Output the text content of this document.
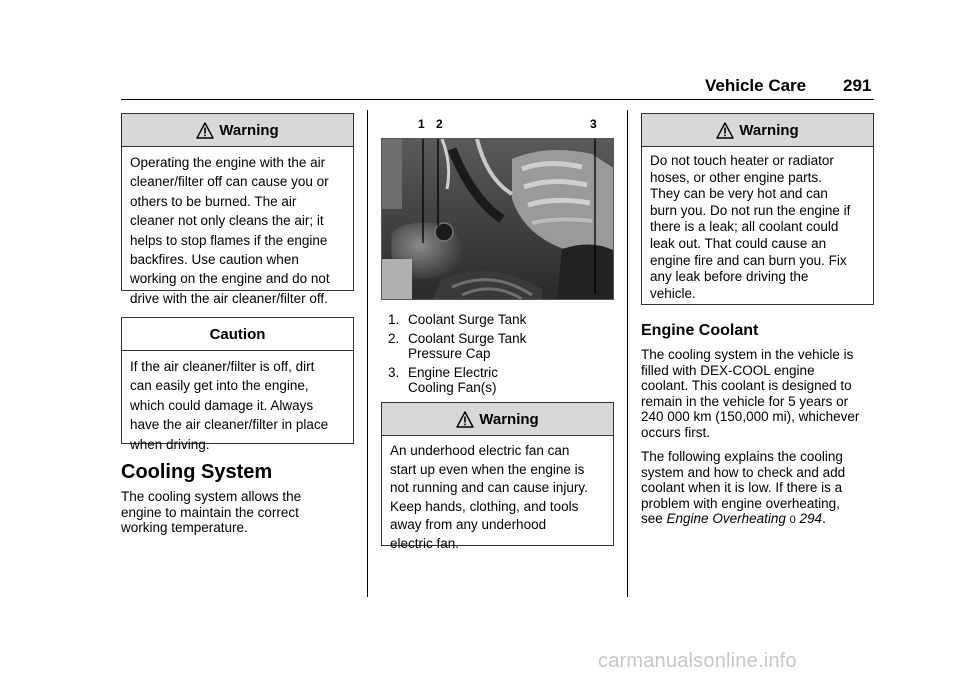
Vehicle Care 291
Warning
Operating the engine with the air
cleaner/filter off can cause you or
others to be burned. The air
cleaner not only cleans the air; it
helps to stop flames if the engine
backfires. Use caution when
working on the engine and do not
drive with the air cleaner/filter off.
Caution
If the air cleaner/filter is off, dirt
can easily get into the engine,
which could damage it. Always
have the air cleaner/filter in place
when driving.
Cooling System
The cooling system allows the
engine to maintain the correct
working temperature.
1 2	3
1. Coolant Surge Tank
2. Coolant Surge Tank
Pressure Cap
3. Engine Electric
Cooling Fan(s)
Warning
An underhood electric fan can
start up even when the engine is
not running and can cause injury.
Keep hands, clothing, and tools
away from any underhood
electric fan.
Warning
Do not touch heater or radiator
hoses, or other engine parts.
They can be very hot and can
burn you. Do not run the engine if
there is a leak; all coolant could
leak out. That could cause an
engine fire and can burn you. Fix
any leak before driving the
vehicle.
Engine Coolant
The cooling system in the vehicle is
filled with DEX-COOL engine
coolant. This coolant is designed to
remain in the vehicle for 5 years or
240 000 km (150,000 mi), whichever
occurs first.
The following explains the cooling
system and how to check and add
coolant when it is low. If there is a
problem with engine overheating,
see Engine Overheating 0 294.
carmanualsonline.info
